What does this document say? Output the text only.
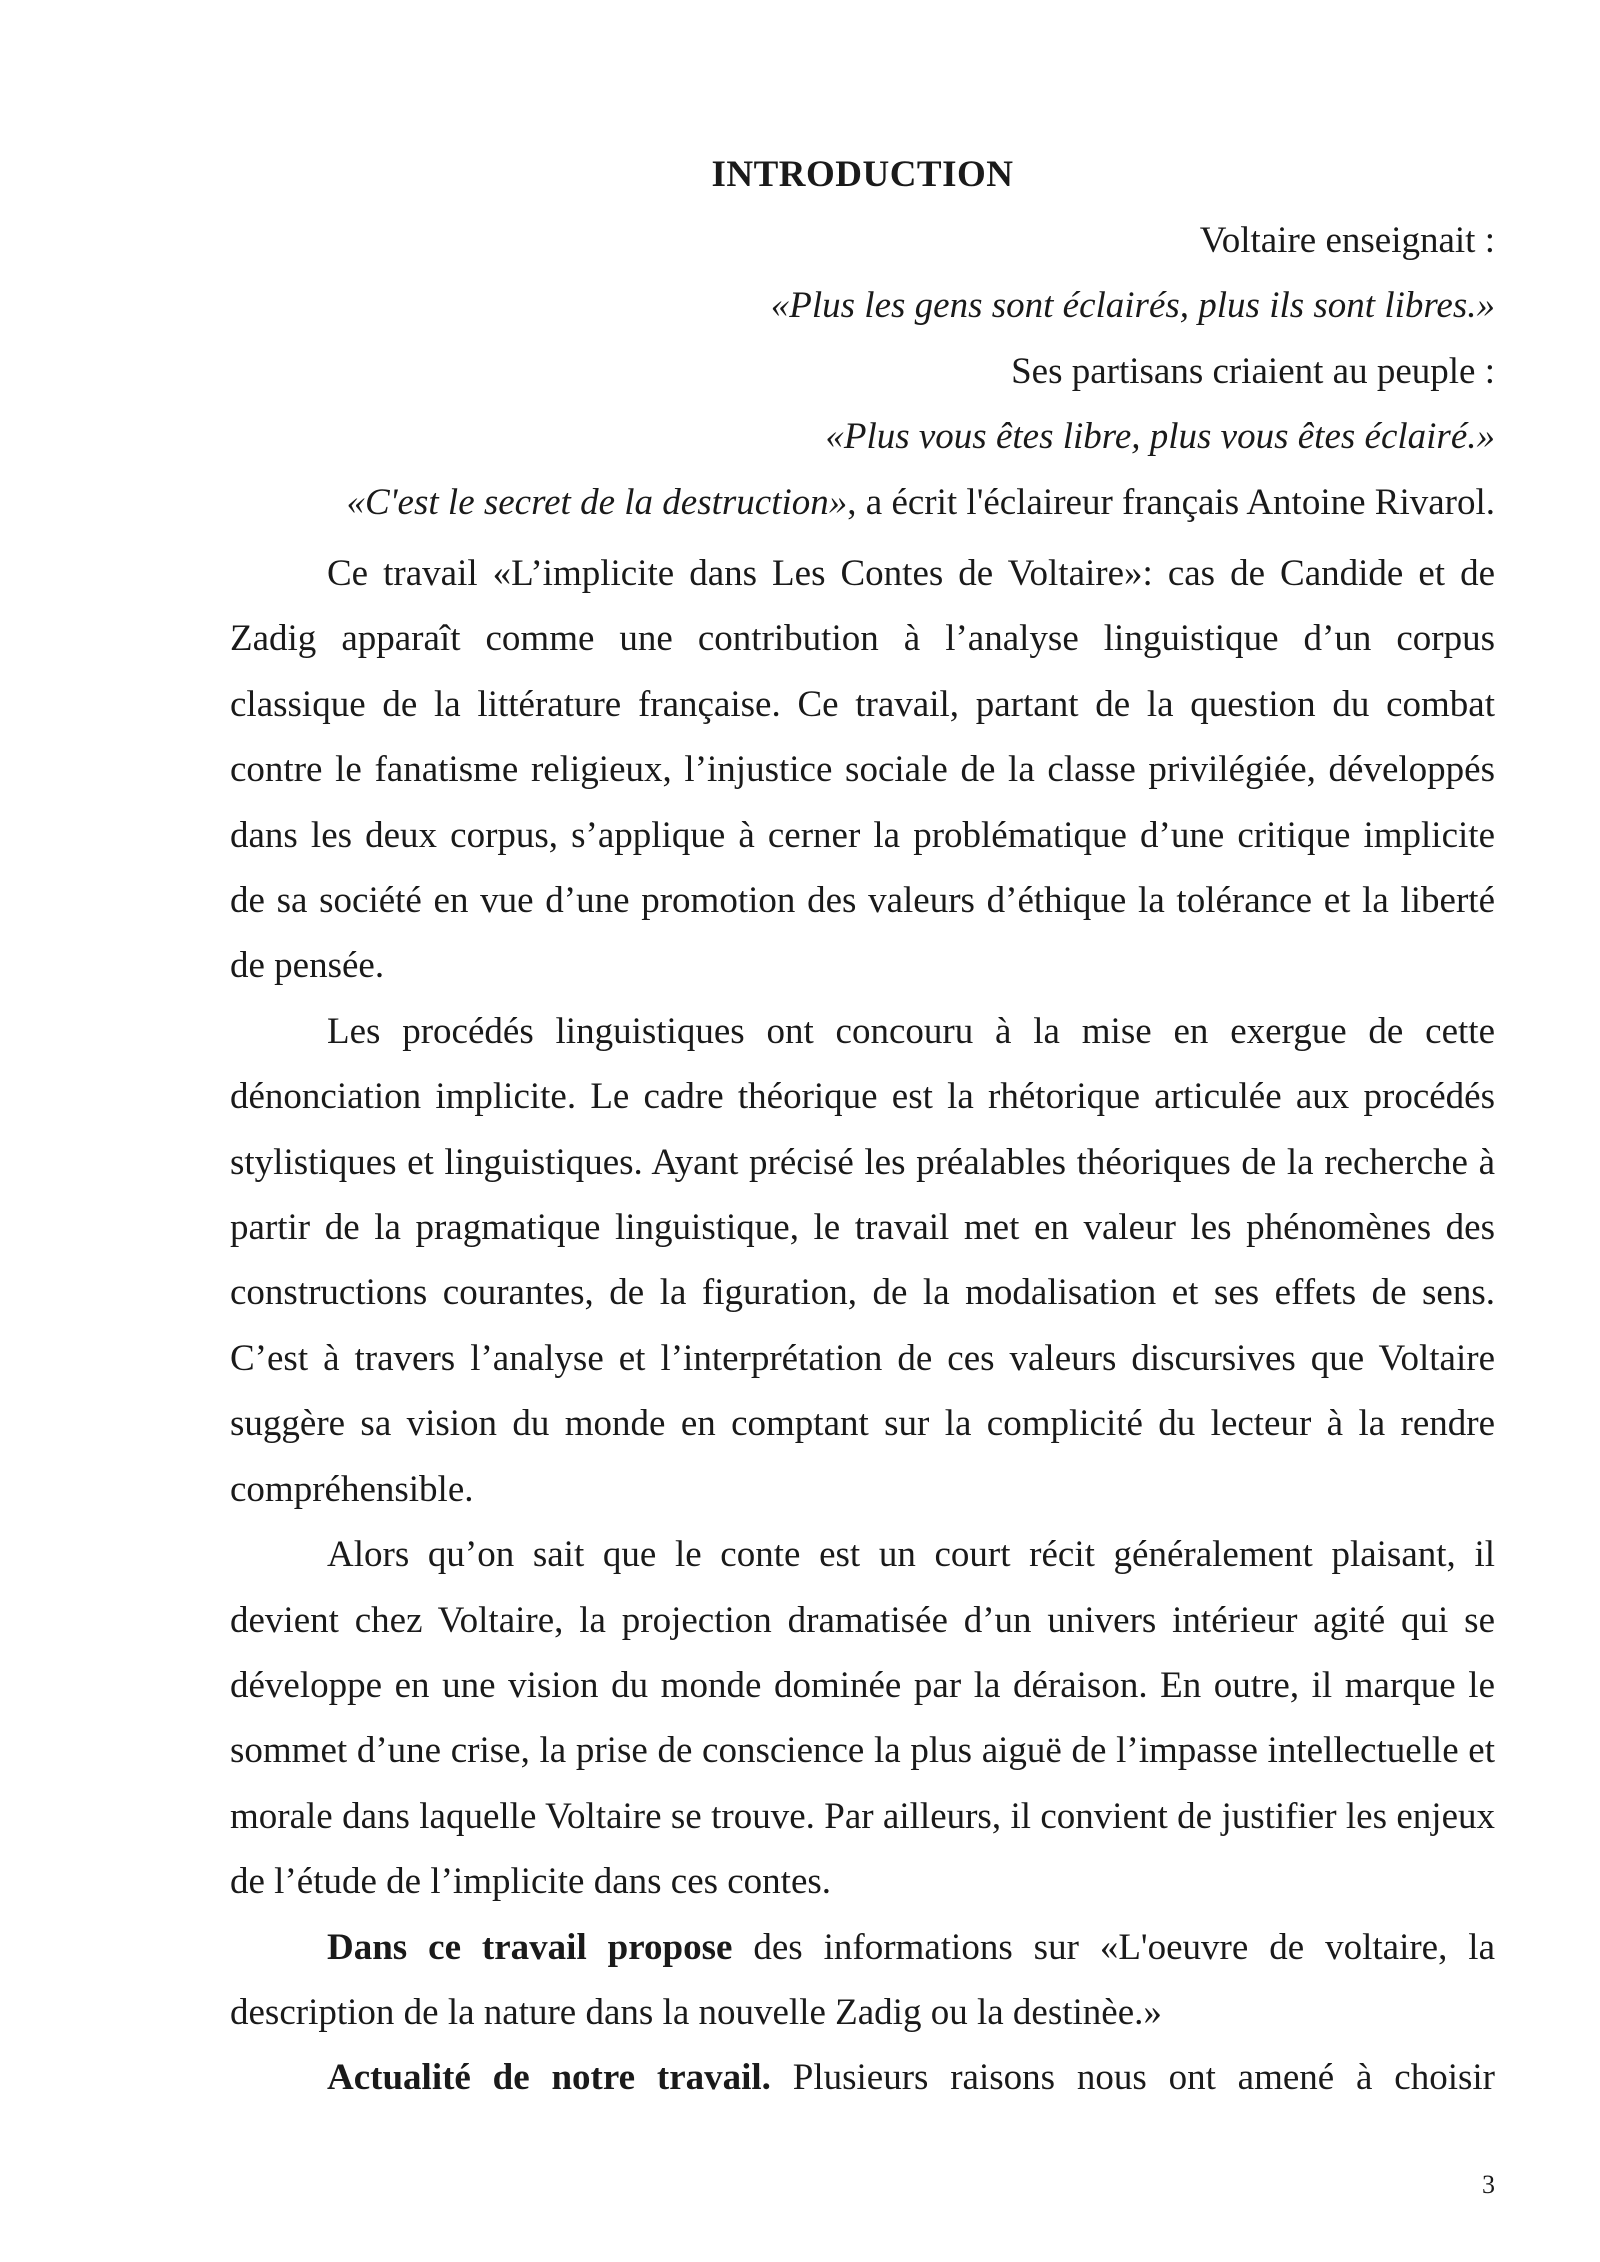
INTRODUCTION
Voltaire enseignait :
«Plus les gens sont éclairés, plus ils sont libres.»
Ses partisans criaient au peuple :
«Plus vous êtes libre, plus vous êtes éclairé.»
«C'est le secret de la destruction», a écrit l'éclaireur français Antoine Rivarol.

Ce travail «L’implicite dans Les Contes de Voltaire»: cas de Candide et de Zadig apparaît comme une contribution à l’analyse linguistique d’un corpus classique de la littérature française. Ce travail, partant de la question du combat contre le fanatisme religieux, l’injustice sociale de la classe privilégiée, développés dans les deux corpus, s’applique à cerner la problématique d’une critique implicite de sa société en vue d’une promotion des valeurs d’éthique la tolérance et la liberté de pensée.

Les procédés linguistiques ont concouru à la mise en exergue de cette dénonciation implicite. Le cadre théorique est la rhétorique articulée aux procédés stylistiques et linguistiques. Ayant précisé les préalables théoriques de la recherche à partir de la pragmatique linguistique, le travail met en valeur les phénomènes des constructions courantes, de la figuration, de la modalisation et ses effets de sens. C’est à travers l’analyse et l’interprétation de ces valeurs discursives que Voltaire suggère sa vision du monde en comptant sur la complicité du lecteur à la rendre compréhensible.

Alors qu’on sait que le conte est un court récit généralement plaisant, il devient chez Voltaire, la projection dramatisée d’un univers intérieur agité qui se développe en une vision du monde dominée par la déraison. En outre, il marque le sommet d’une crise, la prise de conscience la plus aiguë de l’impasse intellectuelle et morale dans laquelle Voltaire se trouve. Par ailleurs, il convient de justifier les enjeux de l’étude de l’implicite dans ces contes.

Dans ce travail propose des informations sur «L'oeuvre de voltaire, la description de la nature dans la nouvelle Zadig ou la destinèe.»

Actualité de notre travail. Plusieurs raisons nous ont amené à choisir

3
